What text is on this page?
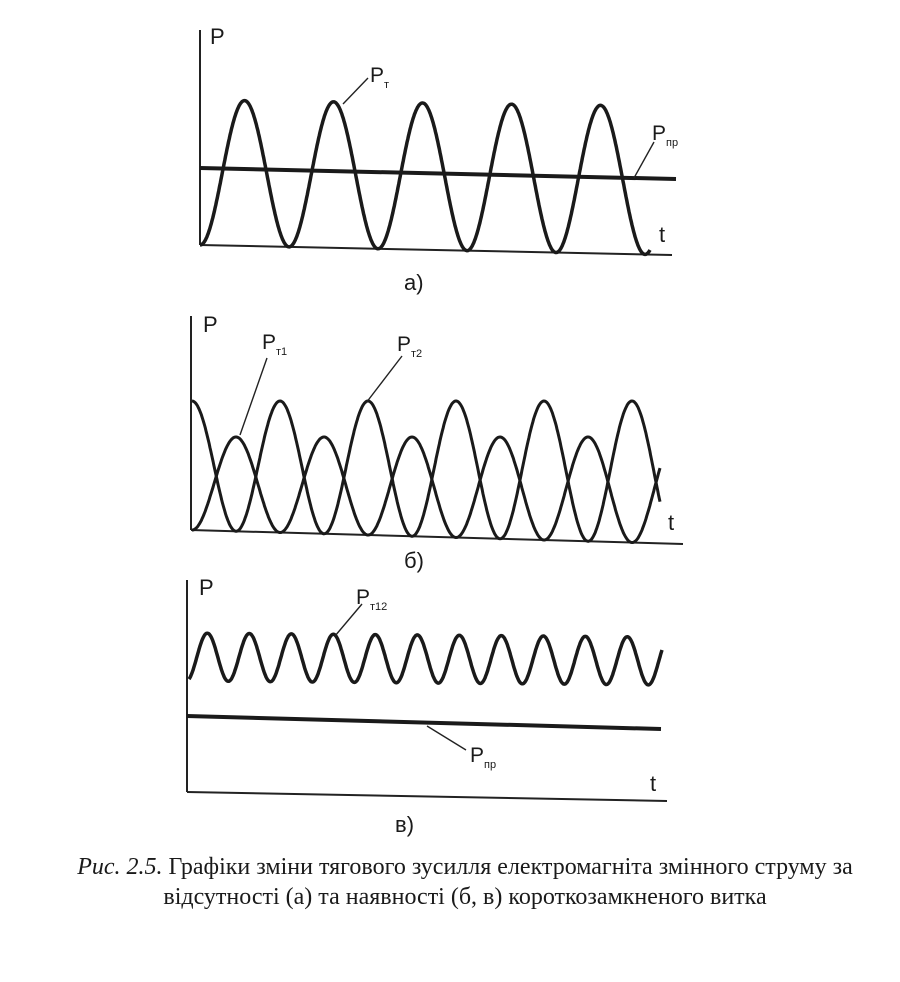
P
t
$P_т$
$P_{пр}$
а)
P
t
$P_{т1}$	$P_{т2}$
б)
P
t
$P_{т12}$
$P_{пр}$
в)
Рис. 2.5. Графіки зміни тягового зусилля електромагніта змінного струму за відсутності (а) та наявності (б, в) короткозамкненого витка
